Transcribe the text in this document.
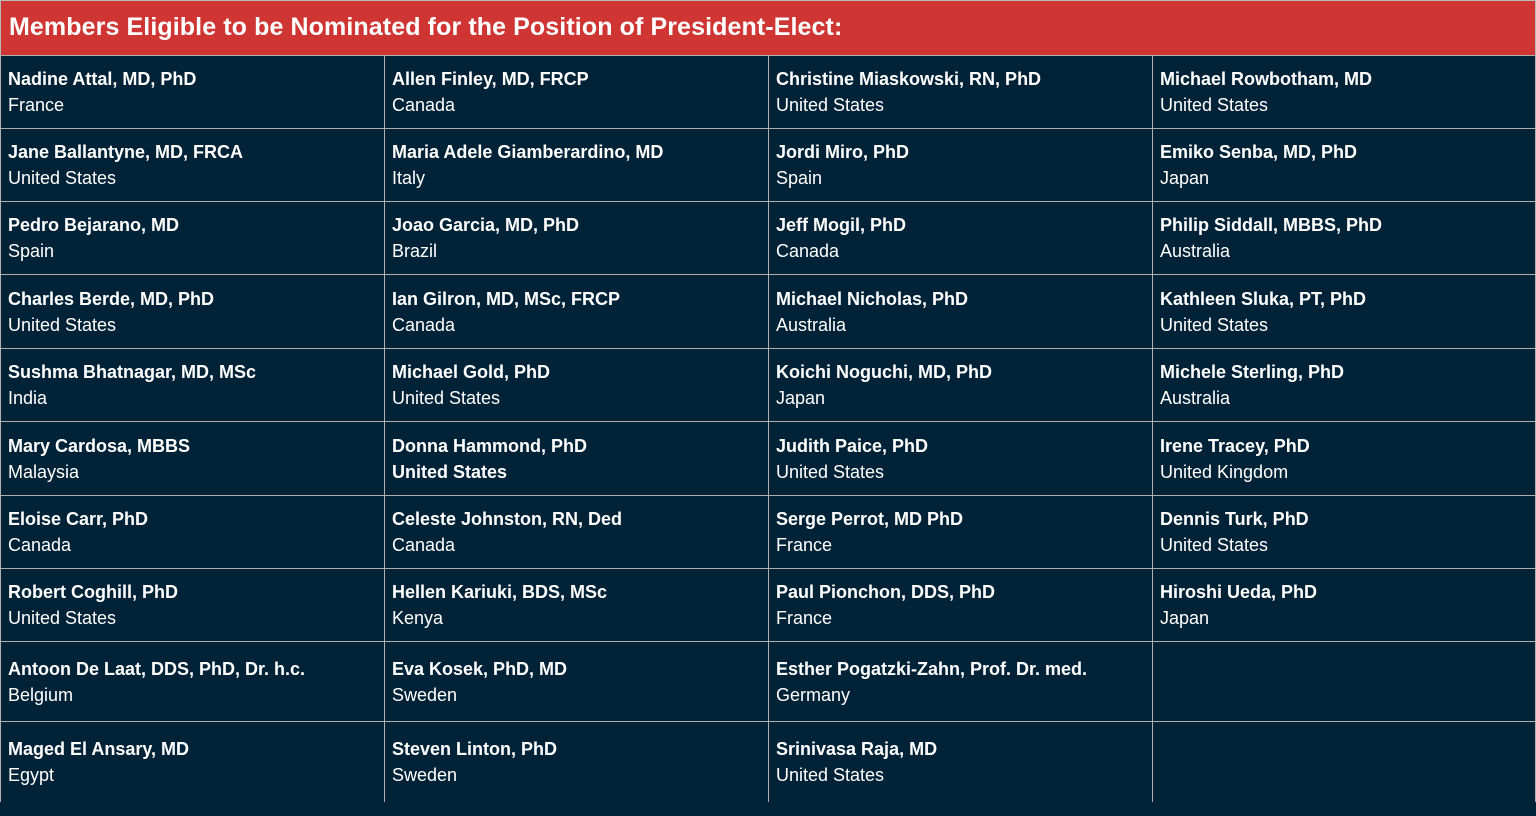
Members Eligible to be Nominated for the Position of President-Elect:
Nadine Attal, MD, PhD
France
Allen Finley, MD, FRCP
Canada
Christine Miaskowski, RN, PhD
United States
Michael Rowbotham, MD
United States
Jane Ballantyne, MD, FRCA
United States
Maria Adele Giamberardino, MD
Italy
Jordi Miro, PhD
Spain
Emiko Senba, MD, PhD
Japan
Pedro Bejarano, MD
Spain
Joao Garcia, MD, PhD
Brazil
Jeff Mogil, PhD
Canada
Philip Siddall, MBBS, PhD
Australia
Charles Berde, MD, PhD
United States
Ian Gilron, MD, MSc, FRCP
Canada
Michael Nicholas, PhD
Australia
Kathleen Sluka, PT, PhD
United States
Sushma Bhatnagar, MD, MSc
India
Michael Gold, PhD
United States
Koichi Noguchi, MD, PhD
Japan
Michele Sterling, PhD
Australia
Mary Cardosa, MBBS
Malaysia
Donna Hammond, PhD
United States
Judith Paice, PhD
United States
Irene Tracey, PhD
United Kingdom
Eloise Carr, PhD
Canada
Celeste Johnston, RN, Ded
Canada
Serge Perrot, MD PhD
France
Dennis Turk, PhD
United States
Robert Coghill, PhD
United States
Hellen Kariuki, BDS, MSc
Kenya
Paul Pionchon, DDS, PhD
France
Hiroshi Ueda, PhD
Japan
Antoon De Laat, DDS, PhD, Dr. h.c.
Belgium
Eva Kosek, PhD, MD
Sweden
Esther Pogatzki-Zahn, Prof. Dr. med.
Germany
Maged El Ansary, MD
Egypt
Steven Linton, PhD
Sweden
Srinivasa Raja, MD
United States
